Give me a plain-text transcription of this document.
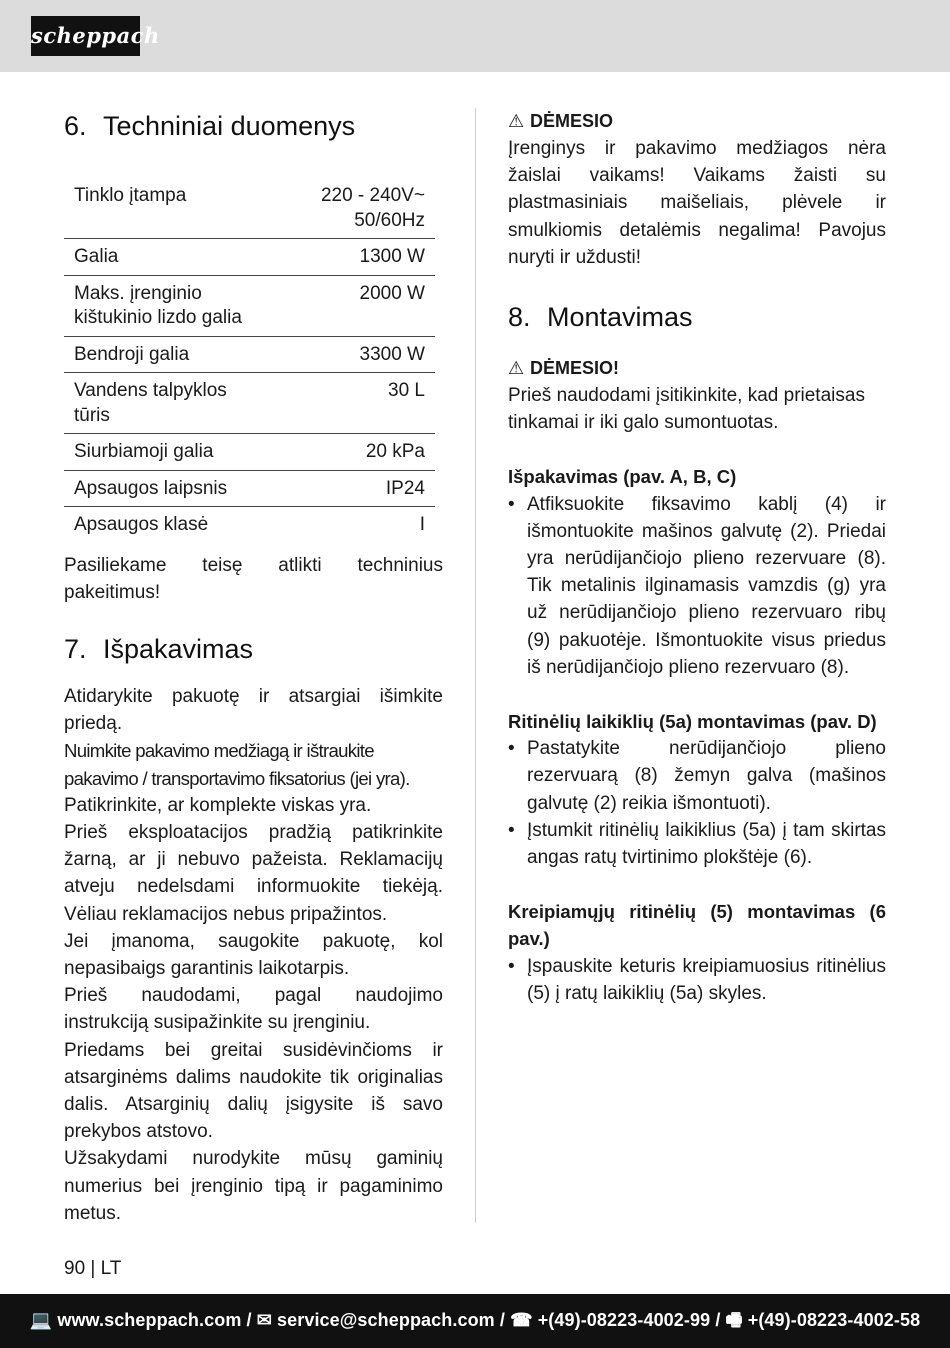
scheppach
6. Techniniai duomenys
Tinklo įtampa	220 - 240V~
50/60Hz
Galia	1300 W
Maks. įrenginio kištukinio lizdo galia	2000 W
Bendroji galia	3300 W
Vandens talpyklos tūris	30 L
Siurbiamoji galia	20 kPa
Apsaugos laipsnis	IP24
Apsaugos klasė	I

Pasiliekame teisę atlikti techninius pakeitimus!

7. Išpakavimas

Atidarykite pakuotę ir atsargiai išimkite priedą.

Nuimkite pakavimo medžiagą ir ištraukite pakavimo / transportavimo fiksatorius (jei yra).

Patikrinkite, ar komplekte viskas yra.

Prieš eksploatacijos pradžią patikrinkite žarną, ar ji nebuvo pažeista. Reklamacijų atveju nedelsdami informuokite tiekėją. Vėliau reklamacijos nebus pripažintos.

Jei įmanoma, saugokite pakuotę, kol nepasibaigs garantinis laikotarpis.

Prieš naudodami, pagal naudojimo instrukciją susipažinkite su įrenginiu.

Priedams bei greitai susidėvinčioms ir atsarginėms dalims naudokite tik originalias dalis. Atsarginių dalių įsigysite iš savo prekybos atstovo.

Užsakydami nurodykite mūsų gaminių numerius bei įrenginio tipą ir pagaminimo metus.

⚠ DĖMESIO

Įrenginys ir pakavimo medžiagos nėra žaislai vaikams! Vaikams žaisti su plastmasiniais maišeliais, plėvele ir smulkiomis detalėmis negalima! Pavojus nuryti ir uždusti!

8. Montavimas
⚠ DĖMESIO!

Prieš naudodami įsitikinkite, kad prietaisas tinkamai ir iki galo sumontuotas.

Išpakavimas (pav. A, B, C)
• Atfiksuokite fiksavimo kablį (4) ir išmontuokite mašinos galvutę (2). Priedai yra nerūdijančiojo plieno rezervuare (8). Tik metalinis ilginamasis vamzdis (g) yra už nerūdijančiojo plieno rezervuaro ribų (9) pakuotėje. Išmontuokite visus priedus iš nerūdijančiojo plieno rezervuaro (8).
Ritinėlių laikiklių (5a) montavimas (pav. D)
• Pastatykite nerūdijančiojo plieno rezervuarą (8) žemyn galva (mašinos galvutę (2) reikia išmontuoti).
• Įstumkit ritinėlių laikiklius (5a) į tam skirtas angas ratų tvirtinimo plokštėje (6).
Kreipiamųjų ritinėlių (5) montavimas (6 pav.)
• Įspauskite keturis kreipiamuosius ritinėlius (5) į ratų laikiklių (5a) skyles.
90 | LT
💻 www.scheppach.com / ✉ service@scheppach.com / ☎ +(49)-08223-4002-99 / 🖷 +(49)-08223-4002-58
